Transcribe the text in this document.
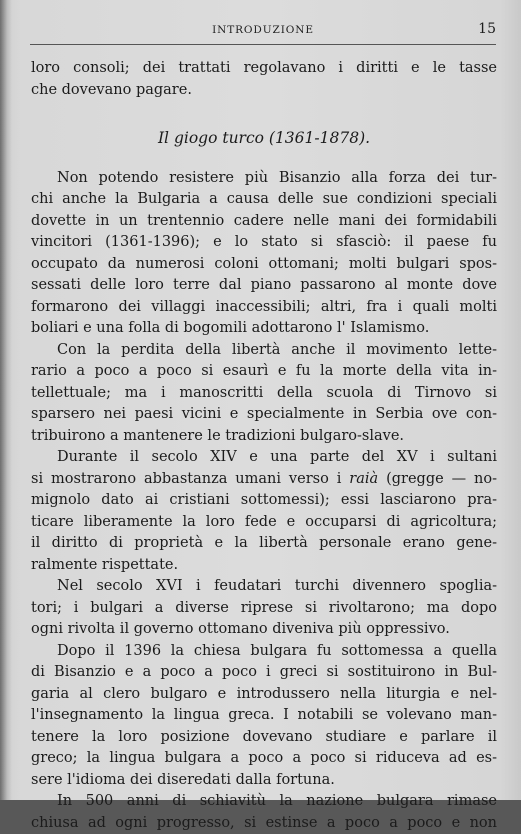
INTRODUZIONE	15
loro consoli; dei trattati regolavano i diritti e le tasse
che dovevano pagare.
Il giogo turco (1361-1878).
Non potendo resistere più Bisanzio alla forza dei tur-
chi anche la Bulgaria a causa delle sue condizioni speciali
dovette in un trentennio cadere nelle mani dei formidabili
vincitori (1361-1396); e lo stato si sfasciò: il paese fu
occupato da numerosi coloni ottomani; molti bulgari spos-
sessati delle loro terre dal piano passarono al monte dove
formarono dei villaggi inaccessibili; altri, fra i quali molti
boliari e una folla di bogomili adottarono l' Islamismo.
Con la perdita della libertà anche il movimento lette-
rario a poco a poco si esaurì e fu la morte della vita in-
tellettuale; ma i manoscritti della scuola di Tirnovo si
sparsero nei paesi vicini e specialmente in Serbia ove con-
tribuirono a mantenere le tradizioni bulgaro-slave.
Durante il secolo XIV e una parte del XV i sultani
si mostrarono abbastanza umani verso i raià (gregge — no-
mignolo dato ai cristiani sottomessi); essi lasciarono pra-
ticare liberamente la loro fede e occuparsi di agricoltura;
il diritto di proprietà e la libertà personale erano gene-
ralmente rispettate.
Nel secolo XVI i feudatari turchi divennero spoglia-
tori; i bulgari a diverse riprese si rivoltarono; ma dopo
ogni rivolta il governo ottomano diveniva più oppressivo.
Dopo il 1396 la chiesa bulgara fu sottomessa a quella
di Bisanzio e a poco a poco i greci si sostituirono in Bul-
garia al clero bulgaro e introdussero nella liturgia e nel-
l'insegnamento la lingua greca. I notabili se volevano man-
tenere la loro posizione dovevano studiare e parlare il
greco; la lingua bulgara a poco a poco si riduceva ad es-
sere l'idioma dei diseredati dalla fortuna.
In 500 anni di schiavitù la nazione bulgara rimase
chiusa ad ogni progresso, si estinse a poco a poco e non
